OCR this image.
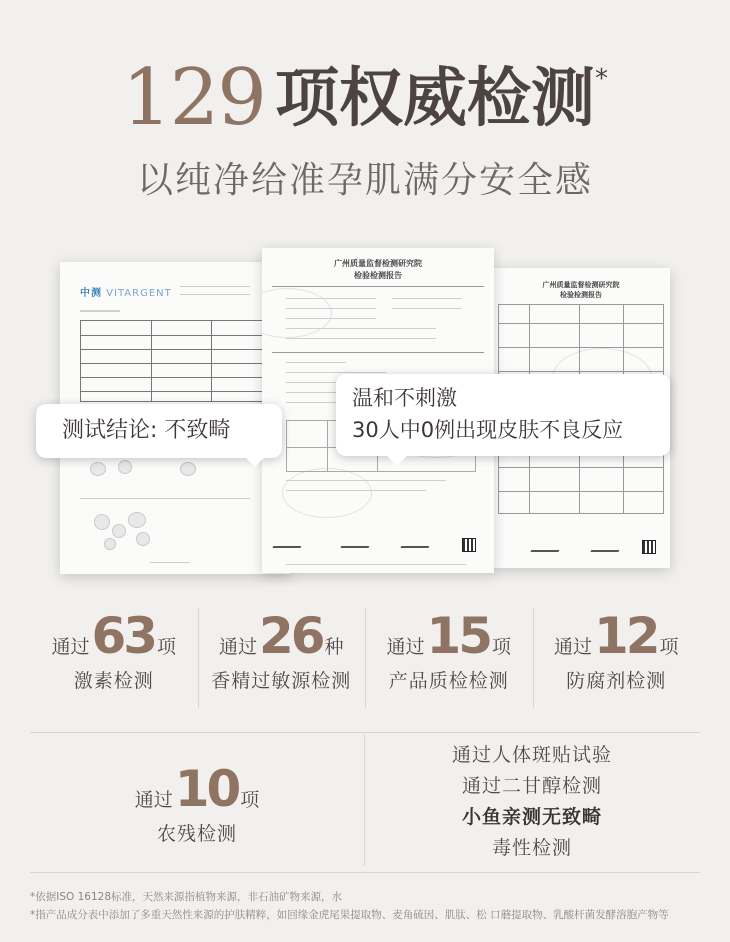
129 项权威检测 *
以纯净给准孕肌满分安全感
中测 VITARGENT
广州质量监督检测研究院
检验检测报告
广州质量监督检测研究院
检验检测报告
测试结论: 不致畸
温和不刺激
30人中0例出现皮肤不良反应
通过 63 项
激素检测
通过 26 种
香精过敏源检测
通过 15 项
产品质检检测
通过 12 项
防腐剂检测
通过 10 项
农残检测
通过人体斑贴试验
通过二甘醇检测
小鱼亲测无致畸
毒性检测
*依据ISO 16128标准，天然来源指植物来源，非石油矿物来源，水
*指产品成分表中添加了多重天然性来源的护肤精粹，如回缘金虎尾果提取物、麦角硫因、肌肽、松 口蘑提取物、乳酸杆菌发酵溶胞产物等
